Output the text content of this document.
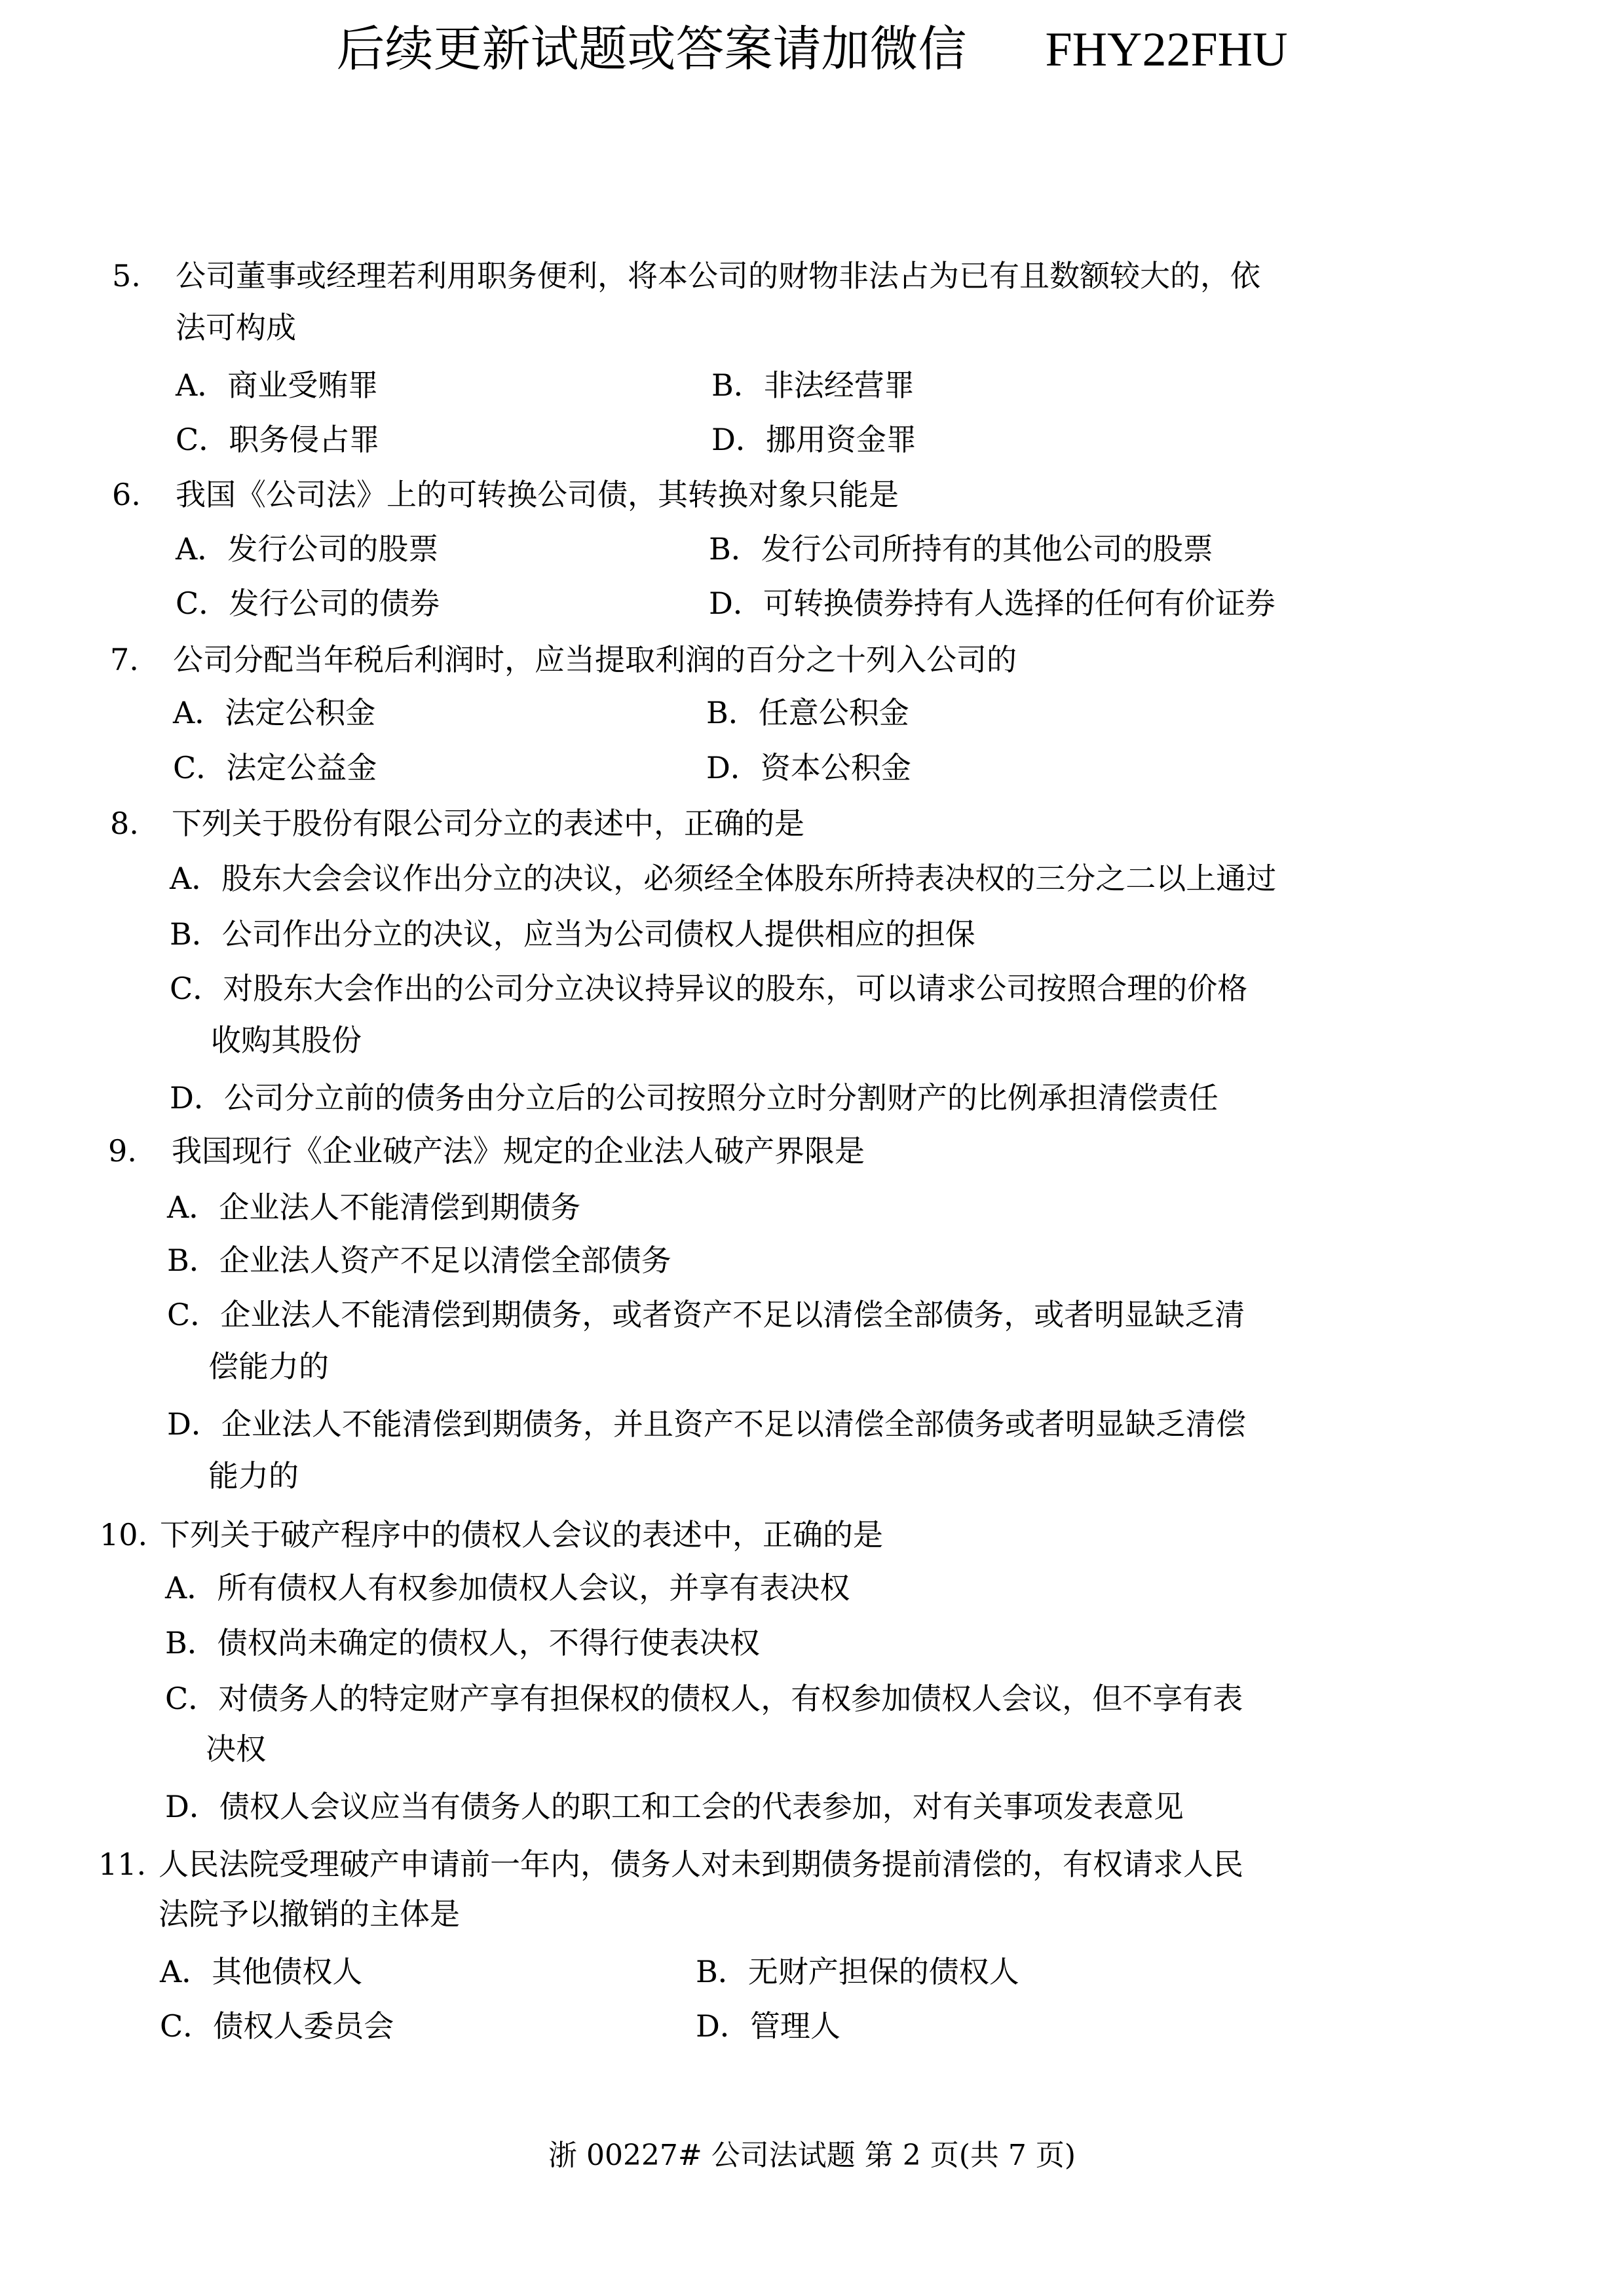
后续更新试题或答案请加微信 FHY22FHU
5. 公司董事或经理若利用职务便利，将本公司的财物非法占为已有且数额较大的，依
法可构成
A．商业受贿罪	B．非法经营罪
C．职务侵占罪	D．挪用资金罪
6. 我国《公司法》上的可转换公司债，其转换对象只能是
A．发行公司的股票	B．发行公司所持有的其他公司的股票
C．发行公司的债券	D．可转换债券持有人选择的任何有价证券
7. 公司分配当年税后利润时，应当提取利润的百分之十列入公司的
A．法定公积金	B．任意公积金
C．法定公益金	D．资本公积金
8. 下列关于股份有限公司分立的表述中，正确的是
A．股东大会会议作出分立的决议，必须经全体股东所持表决权的三分之二以上通过
B．公司作出分立的决议，应当为公司债权人提供相应的担保
C．对股东大会作出的公司分立决议持异议的股东，可以请求公司按照合理的价格
收购其股份
D．公司分立前的债务由分立后的公司按照分立时分割财产的比例承担清偿责任
9. 我国现行《企业破产法》规定的企业法人破产界限是
A．企业法人不能清偿到期债务
B．企业法人资产不足以清偿全部债务
C．企业法人不能清偿到期债务，或者资产不足以清偿全部债务，或者明显缺乏清
偿能力的
D．企业法人不能清偿到期债务，并且资产不足以清偿全部债务或者明显缺乏清偿
能力的
10. 下列关于破产程序中的债权人会议的表述中，正确的是
A．所有债权人有权参加债权人会议，并享有表决权
B．债权尚未确定的债权人，不得行使表决权
C．对债务人的特定财产享有担保权的债权人，有权参加债权人会议，但不享有表
决权
D．债权人会议应当有债务人的职工和工会的代表参加，对有关事项发表意见
11. 人民法院受理破产申请前一年内，债务人对未到期债务提前清偿的，有权请求人民
法院予以撤销的主体是
A．其他债权人	B．无财产担保的债权人
C．债权人委员会	D．管理人
浙 00227# 公司法试题 第 2 页(共 7 页)
